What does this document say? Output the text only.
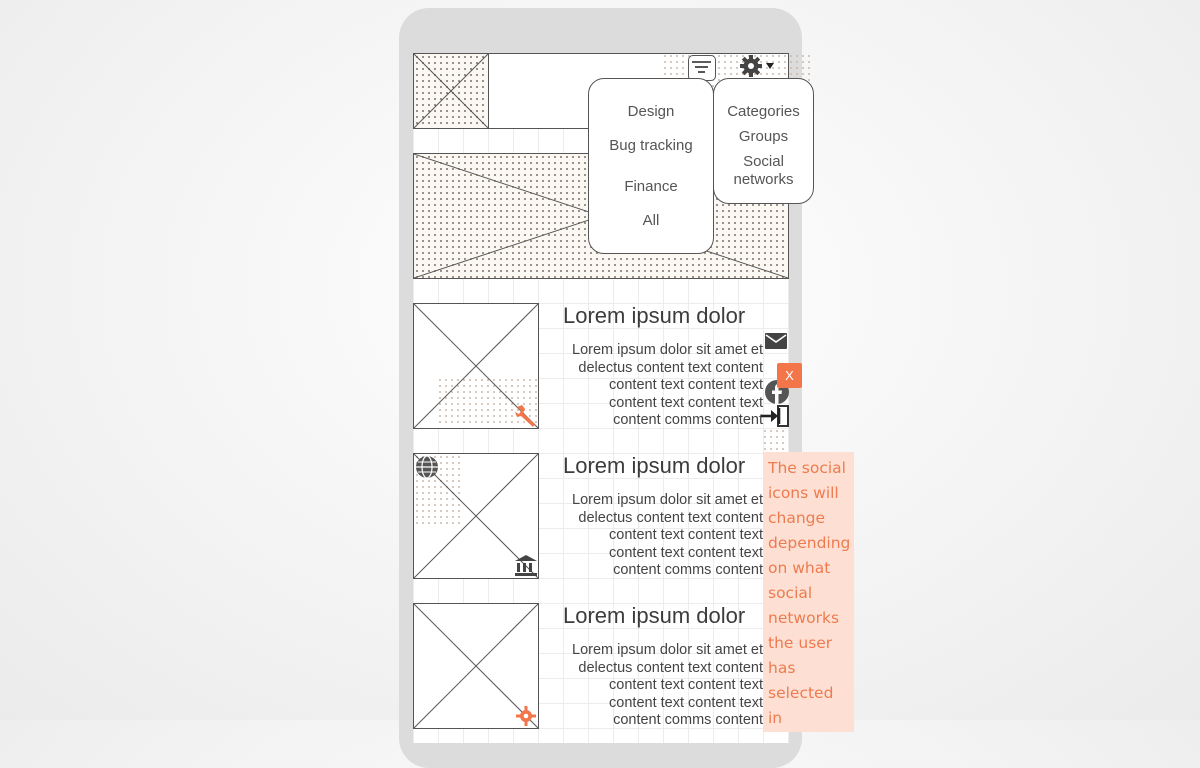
Design
Bug tracking
Finance
All
Categories
Groups
Social
networks
Lorem ipsum dolor
Lorem ipsum dolor sit amet et delectus content text content content text content text content text content text content comms content
Lorem ipsum dolor
Lorem ipsum dolor sit amet et delectus content text content content text content text content text content text content comms content
Lorem ipsum dolor
Lorem ipsum dolor sit amet et delectus content text content content text content text content text content text content comms content
X
The social icons will change depending on what social networks the user has selected in
